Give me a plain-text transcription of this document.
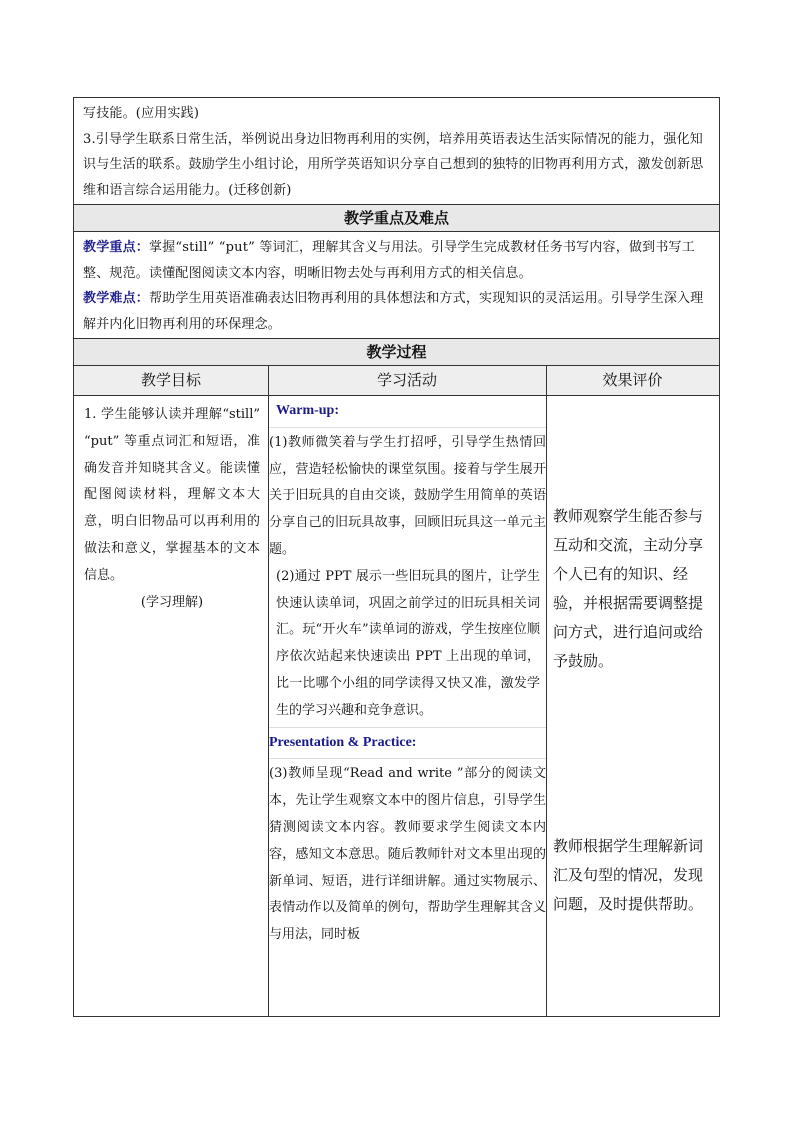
写技能。(应用实践)

3.引导学生联系日常生活，举例说出身边旧物再利用的实例，培养用英语表达生活实际情况的能力，强化知识与生活的联系。鼓励学生小组讨论，用所学英语知识分享自己想到的独特的旧物再利用方式，激发创新思维和语言综合运用能力。(迁移创新)

教学重点及难点

教学重点：掌握“still” “put” 等词汇，理解其含义与用法。引导学生完成教材任务书写内容，做到书写工整、规范。读懂配图阅读文本内容，明晰旧物去处与再利用方式的相关信息。

教学难点：帮助学生用英语准确表达旧物再利用的具体想法和方式，实现知识的灵活运用。引导学生深入理解并内化旧物再利用的环保理念。

教学过程
教学目标	学习活动	效果评价

1. 学生能够认读并理解“still” “put” 等重点词汇和短语，准确发音并知晓其含义。能读懂配图阅读材料，理解文本大意，明白旧物品可以再利用的做法和意义，掌握基本的文本信息。

(学习理解)

Warm-up:

(1)教师微笑着与学生打招呼，引导学生热情回应，营造轻松愉快的课堂氛围。接着与学生展开关于旧玩具的自由交谈，鼓励学生用简单的英语分享自己的旧玩具故事，回顾旧玩具这一单元主题。

(2)通过 PPT 展示一些旧玩具的图片，让学生快速认读单词，巩固之前学过的旧玩具相关词汇。玩“开火车”读单词的游戏，学生按座位顺序依次站起来快速读出 PPT 上出现的单词，比一比哪个小组的同学读得又快又准，激发学生的学习兴趣和竞争意识。

Presentation & Practice:

(3)教师呈现“Read and write ”部分的阅读文本，先让学生观察文本中的图片信息，引导学生猜测阅读文本内容。教师要求学生阅读文本内容，感知文本意思。随后教师针对文本里出现的新单词、短语，进行详细讲解。通过实物展示、表情动作以及简单的例句，帮助学生理解其含义与用法，同时板

教师观察学生能否参与互动和交流，主动分享个人已有的知识、经验，并根据需要调整提问方式，进行追问或给予鼓励。

教师根据学生理解新词汇及句型的情况，发现问题，及时提供帮助。
